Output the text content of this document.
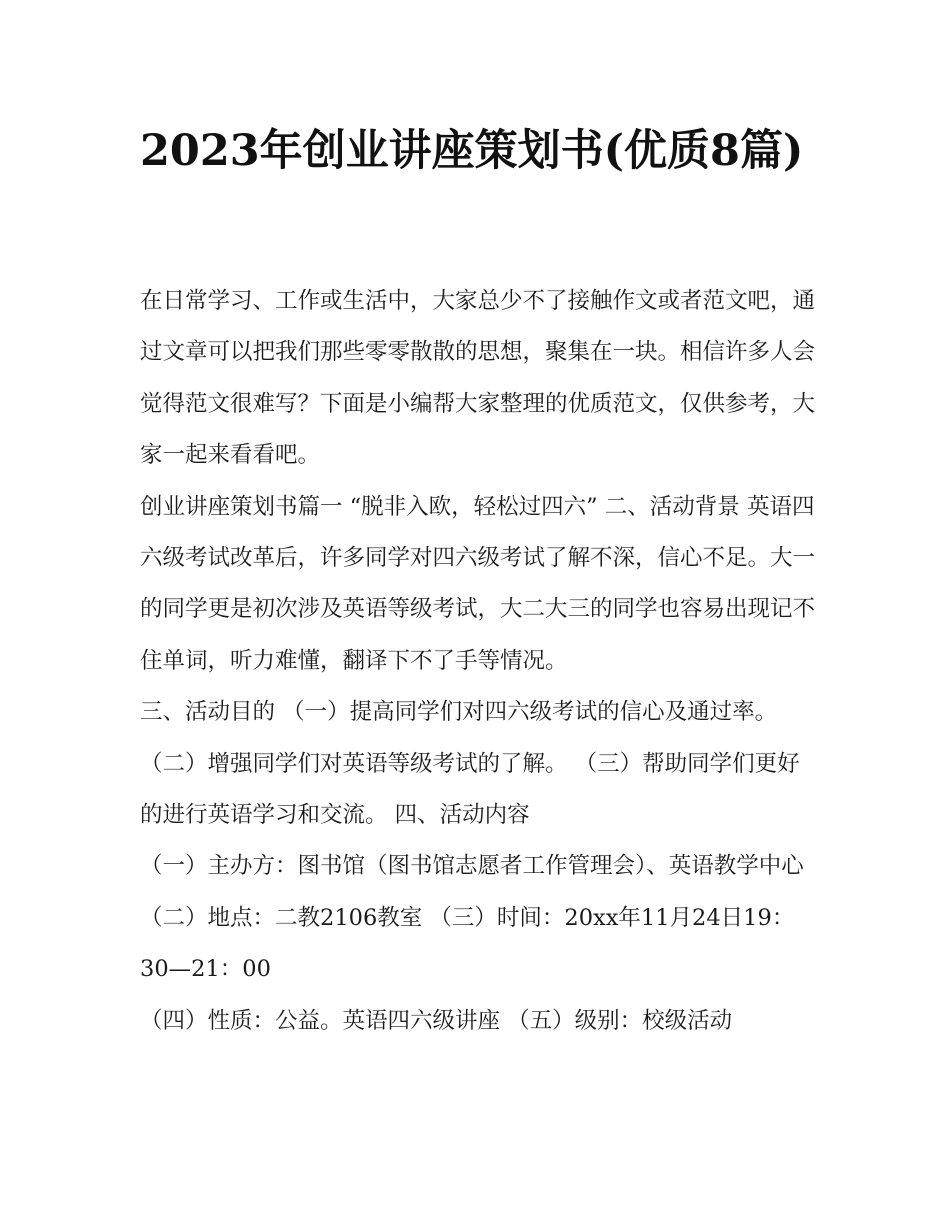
2023年创业讲座策划书(优质8篇)

在日常学习、工作或生活中，大家总少不了接触作文或者范文吧，通过文章可以把我们那些零零散散的思想，聚集在一块。相信许多人会觉得范文很难写？下面是小编帮大家整理的优质范文，仅供参考，大家一起来看看吧。

创业讲座策划书篇一 “脱非入欧，轻松过四六” 二、活动背景 英语四六级考试改革后，许多同学对四六级考试了解不深，信心不足。大一的同学更是初次涉及英语等级考试，大二大三的同学也容易出现记不住单词，听力难懂，翻译下不了手等情况。

三、活动目的 （一）提高同学们对四六级考试的信心及通过率。 （二）增强同学们对英语等级考试的了解。 （三）帮助同学们更好的进行英语学习和交流。 四、活动内容

（一）主办方：图书馆（图书馆志愿者工作管理会）、英语教学中心 （二）地点：二教2106教室 （三）时间：20xx年11月24日19：30—21：00

（四）性质：公益。英语四六级讲座 （五）级别：校级活动
